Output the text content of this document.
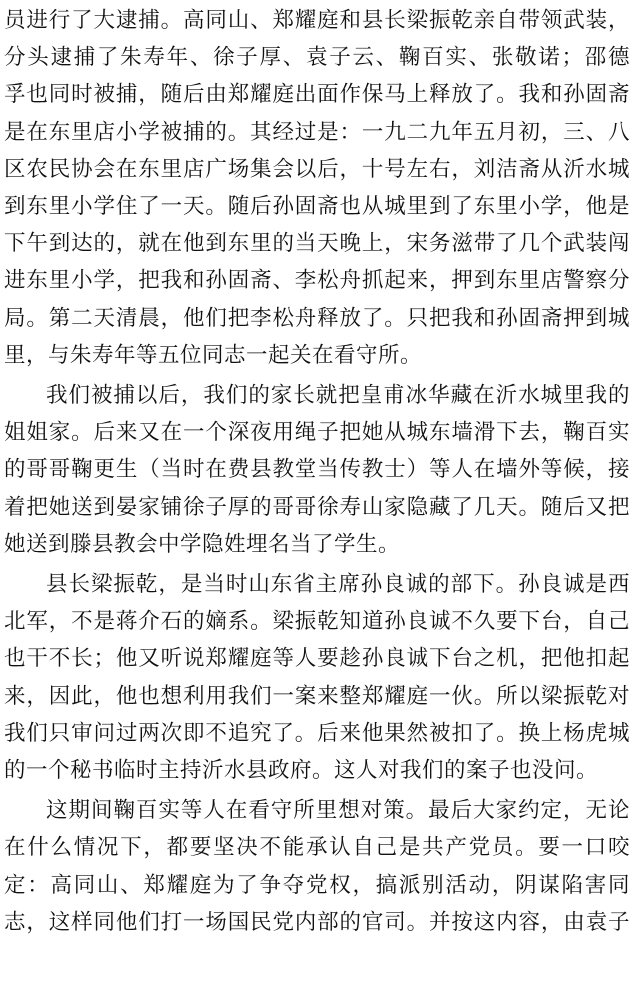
员进行了大逮捕。高同山、郑耀庭和县长梁振乾亲自带领武装，
分头逮捕了朱寿年、徐子厚、袁子云、鞠百实、张敬诺；邵德
孚也同时被捕，随后由郑耀庭出面作保马上释放了。我和孙固斋
是在东里店小学被捕的。其经过是：一九二九年五月初，三、八
区农民协会在东里店广场集会以后，十号左右，刘洁斋从沂水城
到东里小学住了一天。随后孙固斋也从城里到了东里小学，他是
下午到达的，就在他到东里的当天晚上，宋务滋带了几个武装闯
进东里小学，把我和孙固斋、李松舟抓起来，押到东里店警察分
局。第二天清晨，他们把李松舟释放了。只把我和孙固斋押到城
里，与朱寿年等五位同志一起关在看守所。
我们被捕以后，我们的家长就把皇甫冰华藏在沂水城里我的
姐姐家。后来又在一个深夜用绳子把她从城东墙滑下去，鞠百实
的哥哥鞠更生（当时在费县教堂当传教士）等人在墙外等候，接
着把她送到晏家铺徐子厚的哥哥徐寿山家隐藏了几天。随后又把
她送到滕县教会中学隐姓埋名当了学生。
县长梁振乾，是当时山东省主席孙良诚的部下。孙良诚是西
北军，不是蒋介石的嫡系。梁振乾知道孙良诚不久要下台，自己
也干不长；他又听说郑耀庭等人要趁孙良诚下台之机，把他扣起
来，因此，他也想利用我们一案来整郑耀庭一伙。所以梁振乾对
我们只审问过两次即不追究了。后来他果然被扣了。换上杨虎城
的一个秘书临时主持沂水县政府。这人对我们的案子也没问。
这期间鞠百实等人在看守所里想对策。最后大家约定，无论
在什么情况下，都要坚决不能承认自己是共产党员。要一口咬
定：高同山、郑耀庭为了争夺党权，搞派别活动，阴谋陷害同
志，这样同他们打一场国民党内部的官司。并按这内容，由袁子
